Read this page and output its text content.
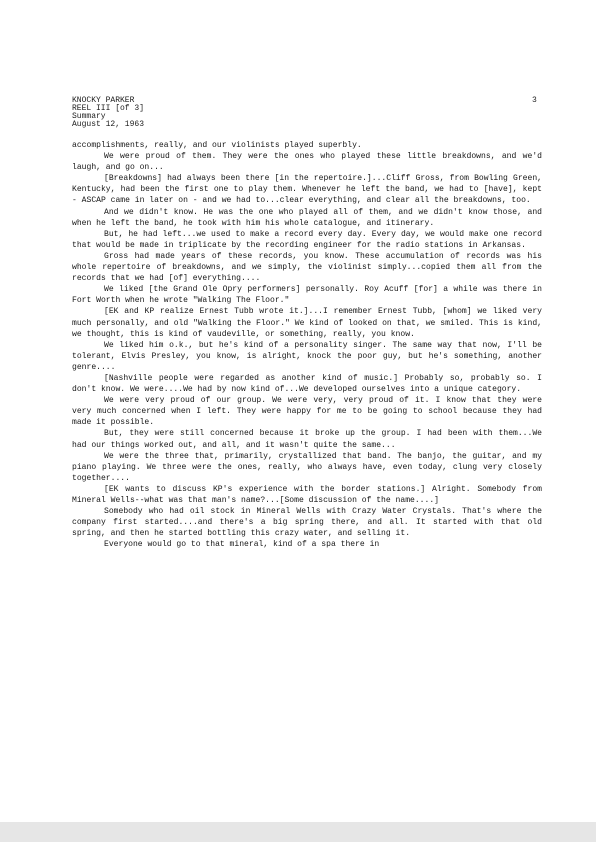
3
KNOCKY PARKER
REEL III [of 3]
Summary
August 12, 1963

accomplishments, really, and our violinists played superbly.

We were proud of them. They were the ones who played these little breakdowns, and we'd laugh, and go on...

[Breakdowns] had always been there [in the repertoire.]...Cliff Gross, from Bowling Green, Kentucky, had been the first one to play them. Whenever he left the band, we had to [have], kept - ASCAP came in later on - and we had to...clear everything, and clear all the breakdowns, too.

And we didn't know. He was the one who played all of them, and we didn't know those, and when he left the band, he took with him his whole catalogue, and itinerary.

But, he had left...we used to make a record every day. Every day, we would make one record that would be made in triplicate by the recording engineer for the radio stations in Arkansas.

Gross had made years of these records, you know. These accumulation of records was his whole repertoire of breakdowns, and we simply, the violinist simply...copied them all from the records that we had [of] everything....

We liked [the Grand Ole Opry performers] personally. Roy Acuff [for] a while was there in Fort Worth when he wrote "Walking The Floor."

[EK and KP realize Ernest Tubb wrote it.]...I remember Ernest Tubb, [whom] we liked very much personally, and old "Walking the Floor." We kind of looked on that, we smiled. This is kind, we thought, this is kind of vaudeville, or something, really, you know.

We liked him o.k., but he's kind of a personality singer. The same way that now, I'll be tolerant, Elvis Presley, you know, is alright, knock the poor guy, but he's something, another genre....

[Nashville people were regarded as another kind of music.] Probably so, probably so. I don't know. We were....We had by now kind of...We developed ourselves into a unique category.

We were very proud of our group. We were very, very proud of it. I know that they were very much concerned when I left. They were happy for me to be going to school because they had made it possible.

But, they were still concerned because it broke up the group. I had been with them...We had our things worked out, and all, and it wasn't quite the same...

We were the three that, primarily, crystallized that band. The banjo, the guitar, and my piano playing. We three were the ones, really, who always have, even today, clung very closely together....

[EK wants to discuss KP's experience with the border stations.] Alright. Somebody from Mineral Wells--what was that man's name?...[Some discussion of the name....]

Somebody who had oil stock in Mineral Wells with Crazy Water Crystals. That's where the company first started....and there's a big spring there, and all. It started with that old spring, and then he started bottling this crazy water, and selling it.

Everyone would go to that mineral, kind of a spa there in
